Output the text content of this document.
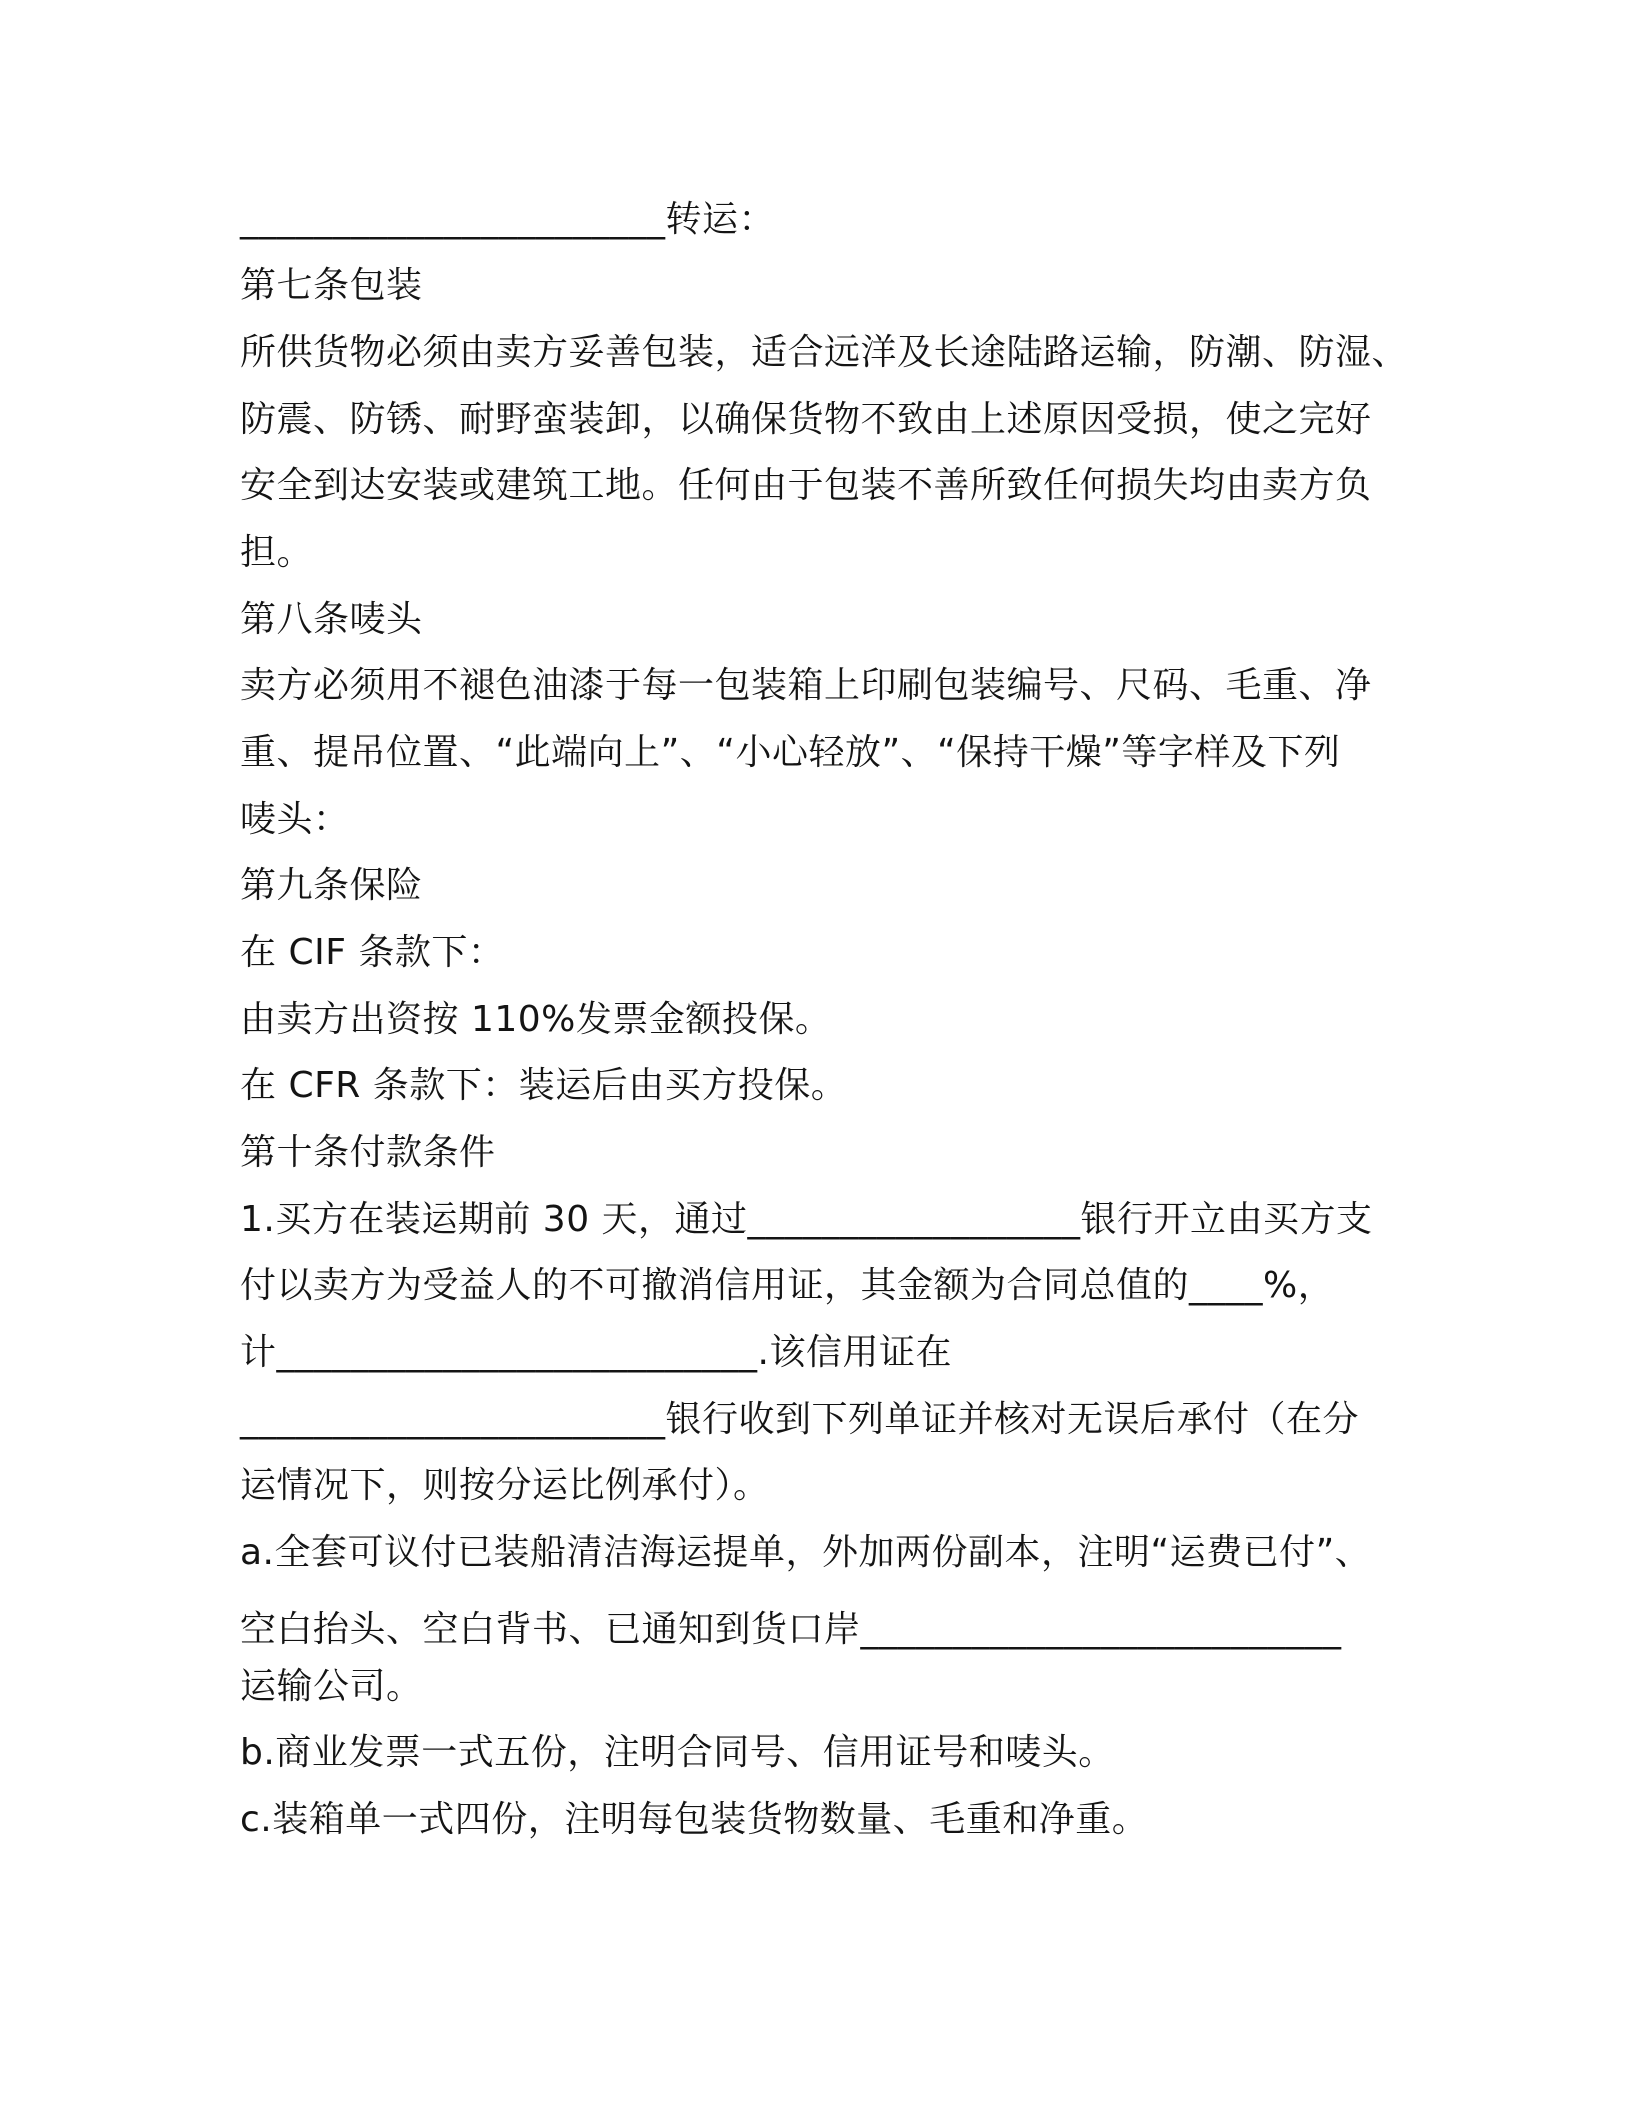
_______________________转运：
第七条包装
所供货物必须由卖方妥善包装，适合远洋及长途陆路运输，防潮、防湿、
防震、防锈、耐野蛮装卸，以确保货物不致由上述原因受损，使之完好
安全到达安装或建筑工地。任何由于包装不善所致任何损失均由卖方负
担。
第八条唛头
卖方必须用不褪色油漆于每一包装箱上印刷包装编号、尺码、毛重、净
重、提吊位置、“此端向上”、“小心轻放”、“保持干燥”等字样及下列
唛头：
第九条保险
在 CIF 条款下：
由卖方出资按 110%发票金额投保。
在 CFR 条款下：装运后由买方投保。
第十条付款条件
1.买方在装运期前 30 天，通过__________________银行开立由买方支
付以卖方为受益人的不可撤消信用证，其金额为合同总值的____%，
计__________________________.该信用证在
_______________________银行收到下列单证并核对无误后承付（在分
运情况下，则按分运比例承付）。
a.全套可议付已装船清洁海运提单，外加两份副本，注明“运费已付”、
空白抬头、空白背书、已通知到货口岸__________________________
运输公司。
b.商业发票一式五份，注明合同号、信用证号和唛头。
c.装箱单一式四份，注明每包装货物数量、毛重和净重。
